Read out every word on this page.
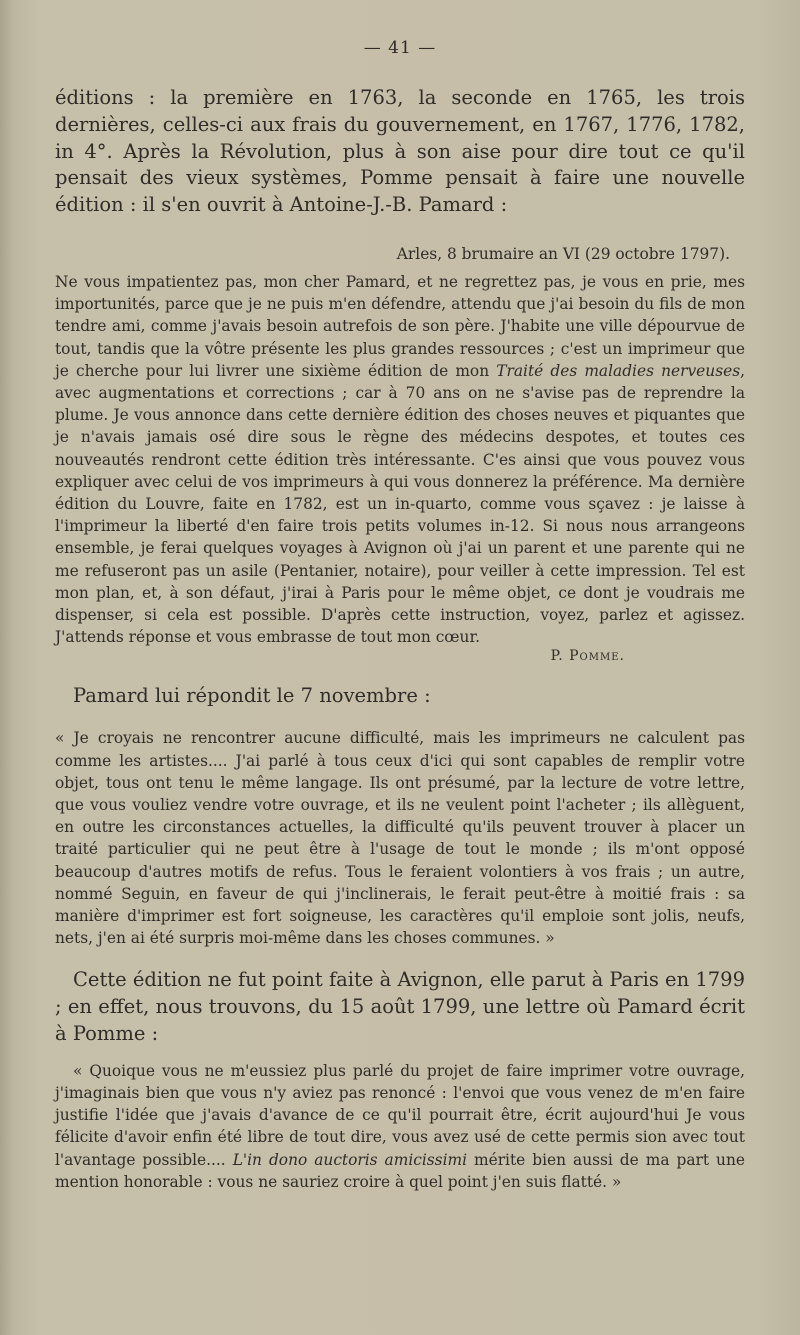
— 41 —

éditions : la première en 1763, la seconde en 1765, les trois dernières, celles-ci aux frais du gouvernement, en 1767, 1776, 1782, in 4°. Après la Révolution, plus à son aise pour dire tout ce qu'il pensait des vieux systèmes, Pomme pensait à faire une nouvelle édition : il s'en ouvrit à Antoine-J.-B. Pamard :

Arles, 8 brumaire an VI (29 octobre 1797).

Ne vous impatientez pas, mon cher Pamard, et ne regrettez pas, je vous en prie, mes importunités, parce que je ne puis m'en défendre, attendu que j'ai besoin du fils de mon tendre ami, comme j'avais besoin autrefois de son père. J'habite une ville dépourvue de tout, tandis que la vôtre présente les plus grandes ressources ; c'est un imprimeur que je cherche pour lui livrer une sixième édition de mon Traité des maladies nerveuses, avec augmentations et corrections ; car à 70 ans on ne s'avise pas de reprendre la plume. Je vous annonce dans cette dernière édition des choses neuves et piquantes que je n'avais jamais osé dire sous le règne des médecins despotes, et toutes ces nouveautés rendront cette édition très intéressante. C'es ainsi que vous pouvez vous expliquer avec celui de vos imprimeurs à qui vous donnerez la préférence. Ma dernière édition du Louvre, faite en 1782, est un in-quarto, comme vous sçavez : je laisse à l'imprimeur la liberté d'en faire trois petits volumes in-12. Si nous nous arrangeons ensemble, je ferai quelques voyages à Avignon où j'ai un parent et une parente qui ne me refuseront pas un asile (Pentanier, notaire), pour veiller à cette impression. Tel est mon plan, et, à son défaut, j'irai à Paris pour le même objet, ce dont je voudrais me dispenser, si cela est possible. D'après cette instruction, voyez, parlez et agissez. J'attends réponse et vous embrasse de tout mon cœur.

P. Pomme.
Pamard lui répondit le 7 novembre :

« Je croyais ne rencontrer aucune difficulté, mais les imprimeurs ne calculent pas comme les artistes.... J'ai parlé à tous ceux d'ici qui sont capables de remplir votre objet, tous ont tenu le même langage. Ils ont présumé, par la lecture de votre lettre, que vous vouliez vendre votre ouvrage, et ils ne veulent point l'acheter ; ils allèguent, en outre les circonstances actuelles, la difficulté qu'ils peuvent trouver à placer un traité particulier qui ne peut être à l'usage de tout le monde ; ils m'ont opposé beaucoup d'autres motifs de refus. Tous le feraient volontiers à vos frais ; un autre, nommé Seguin, en faveur de qui j'inclinerais, le ferait peut-être à moitié frais : sa manière d'imprimer est fort soigneuse, les caractères qu'il emploie sont jolis, neufs, nets, j'en ai été surpris moi-même dans les choses communes. »

Cette édition ne fut point faite à Avignon, elle parut à Paris en 1799 ; en effet, nous trouvons, du 15 août 1799, une lettre où Pamard écrit à Pomme :

« Quoique vous ne m'eussiez plus parlé du projet de faire imprimer votre ouvrage, j'imaginais bien que vous n'y aviez pas renoncé : l'envoi que vous venez de m'en faire justifie l'idée que j'avais d'avance de ce qu'il pourrait être, écrit aujourd'hui Je vous félicite d'avoir enfin été libre de tout dire, vous avez usé de cette permis sion avec tout l'avantage possible.... L'in dono auctoris amicissimi mérite bien aussi de ma part une mention honorable : vous ne sauriez croire à quel point j'en suis flatté. »
